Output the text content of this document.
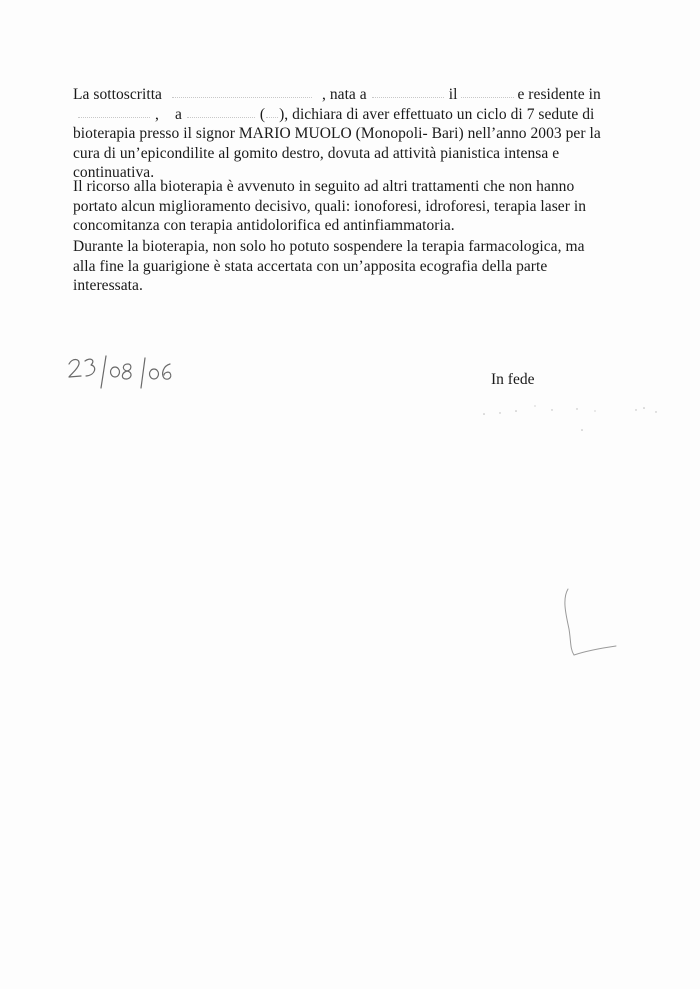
La sottoscritta	, nata a	il	e residente in
, a	( ), dichiara di aver effettuato un ciclo di 7 sedute di
bioterapia presso il signor MARIO MUOLO (Monopoli- Bari) nell’anno 2003 per la
cura di un’epicondilite al gomito destro, dovuta ad attività pianistica intensa e
continuativa.
Il ricorso alla bioterapia è avvenuto in seguito ad altri trattamenti che non hanno
portato alcun miglioramento decisivo, quali: ionoforesi, idroforesi, terapia laser in
concomitanza con terapia antidolorifica ed antinfiammatoria.
Durante la bioterapia, non solo ho potuto sospendere la terapia farmacologica, ma
alla fine la guarigione è stata accertata con un’apposita ecografia della parte
interessata.
In fede
